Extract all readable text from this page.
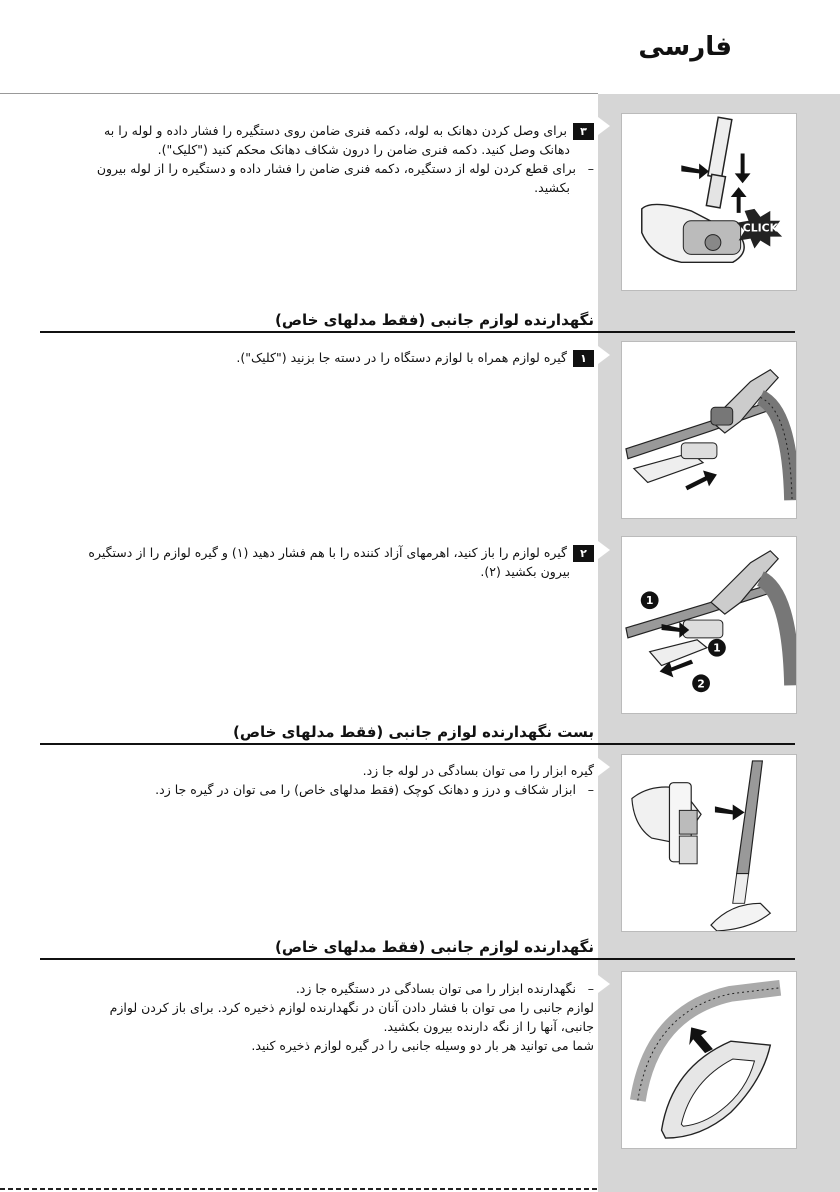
فارسی
۳برای وصل کردن دهانک به لوله، دکمه فنری ضامن روی دستگیره را فشار داده و لوله را به
دهانک وصل کنید. دکمه فنری ضامن را درون شکاف دهانک محکم کنید ("کلیک").
–برای قطع کردن لوله از دستگیره، دکمه فنری ضامن را فشار داده و دستگیره را از لوله بیرون
بکشید.
CLICK
نگهدارنده لوازم جانبی (فقط مدلهای خاص)
۱گیره لوازم همراه با لوازم دستگاه را در دسته جا بزنید ("کلیک").
۲گیره لوازم را باز کنید، اهرمهای آزاد کننده را با هم فشار دهید (۱) و گیره لوازم را از دستگیره
بیرون بکشید (۲).
1
1
2
بست نگهدارنده لوازم جانبی (فقط مدلهای خاص)
گیره ابزار را می توان بسادگی در لوله جا زد.
–ابزار شکاف و درز و دهانک کوچک (فقط مدلهای خاص) را می توان در گیره جا زد.
نگهدارنده لوازم جانبی (فقط مدلهای خاص)
–نگهدارنده ابزار را می توان بسادگی در دستگیره جا زد.
لوازم جانبی را می توان با فشار دادن آنان در نگهدارنده لوازم ذخیره کرد. برای باز کردن لوازم
جانبی، آنها را از نگه دارنده بیرون بکشید.
شما می توانید هر بار دو وسیله جانبی را در گیره لوازم ذخیره کنید.
